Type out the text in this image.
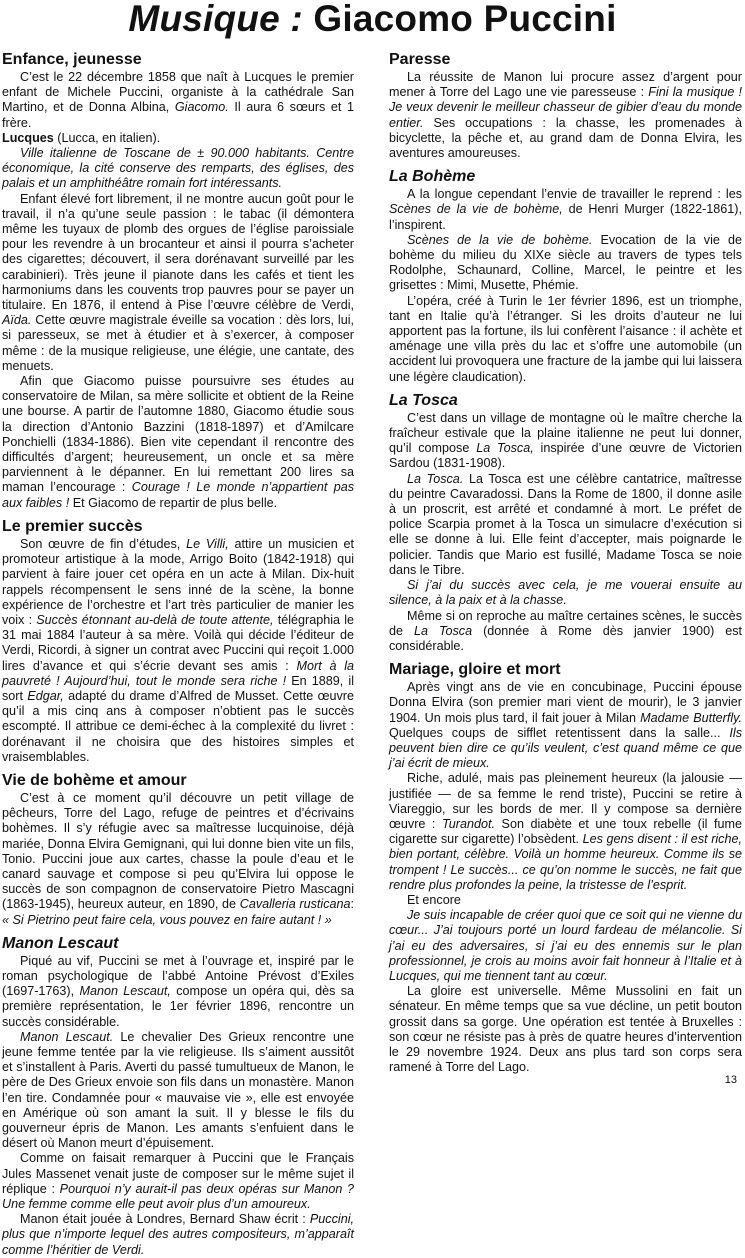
Musique : Giacomo Puccini
Enfance, jeunesse

C’est le 22 décembre 1858 que naît à Lucques le premier enfant de Michele Puccini, organiste à la cathédrale San Martino, et de Donna Albina, Giacomo. Il aura 6 sœurs et 1 frère.

Lucques (Lucca, en italien).

Ville italienne de Toscane de ± 90.000 habitants. Centre économique, la cité conserve des remparts, des églises, des palais et un amphithéâtre romain fort intéressants.

Enfant élevé fort librement, il ne montre aucun goût pour le travail, il n’a qu’une seule passion : le tabac (il démontera même les tuyaux de plomb des orgues de l’église paroissiale pour les revendre à un brocanteur et ainsi il pourra s’acheter des cigarettes; découvert, il sera dorénavant surveillé par les carabinieri). Très jeune il pianote dans les cafés et tient les harmoniums dans les couvents trop pauvres pour se payer un titulaire. En 1876, il entend à Pise l’œuvre célèbre de Verdi, Aïda. Cette œuvre magistrale éveille sa vocation : dès lors, lui, si paresseux, se met à étudier et à s’exercer, à composer même : de la musique religieuse, une élégie, une cantate, des menuets.

Afin que Giacomo puisse poursuivre ses études au conservatoire de Milan, sa mère sollicite et obtient de la Reine une bourse. A partir de l’automne 1880, Giacomo étudie sous la direction d’Antonio Bazzini (1818-1897) et d’Amilcare Ponchielli (1834-1886). Bien vite cependant il rencontre des difficultés d’argent; heureusement, un oncle et sa mère parviennent à le dépanner. En lui remettant 200 lires sa maman l’encourage : Courage ! Le monde n’appartient pas aux faibles ! Et Giacomo de repartir de plus belle.

Le premier succès

Son œuvre de fin d’études, Le Villi, attire un musicien et promoteur artistique à la mode, Arrigo Boito (1842-1918) qui parvient à faire jouer cet opéra en un acte à Milan. Dix-huit rappels récompensent le sens inné de la scène, la bonne expérience de l’orchestre et l’art très particulier de manier les voix : Succès étonnant au-delà de toute attente, télégraphia le 31 mai 1884 l’auteur à sa mère. Voilà qui décide l’éditeur de Verdi, Ricordi, à signer un contrat avec Puccini qui reçoit 1.000 lires d’avance et qui s’écrie devant ses amis : Mort à la pauvreté ! Aujourd’hui, tout le monde sera riche ! En 1889, il sort Edgar, adapté du drame d’Alfred de Musset. Cette œuvre qu’il a mis cinq ans à composer n’obtient pas le succès escompté. Il attribue ce demi-échec à la complexité du livret : dorénavant il ne choisira que des histoires simples et vraisemblables.

Vie de bohème et amour

C’est à ce moment qu’il découvre un petit village de pêcheurs, Torre del Lago, refuge de peintres et d’écrivains bohèmes. Il s’y réfugie avec sa maîtresse lucquinoise, déjà mariée, Donna Elvira Gemignani, qui lui donne bien vite un fils, Tonio. Puccini joue aux cartes, chasse la poule d’eau et le canard sauvage et compose si peu qu’Elvira lui oppose le succès de son compagnon de conservatoire Pietro Mascagni (1863-1945), heureux auteur, en 1890, de Cavalleria rusticana: « Si Pietrino peut faire cela, vous pouvez en faire autant ! »

Manon Lescaut

Piqué au vif, Puccini se met à l’ouvrage et, inspiré par le roman psychologique de l’abbé Antoine Prévost d’Exiles (1697-1763), Manon Lescaut, compose un opéra qui, dès sa première représentation, le 1er février 1896, rencontre un succès considérable.

Manon Lescaut. Le chevalier Des Grieux rencontre une jeune femme tentée par la vie religieuse. Ils s’aiment aussitôt et s’installent à Paris. Averti du passé tumultueux de Manon, le père de Des Grieux envoie son fils dans un monastère. Manon l’en tire. Condamnée pour « mauvaise vie », elle est envoyée en Amérique où son amant la suit. Il y blesse le fils du gouverneur épris de Manon. Les amants s’enfuient dans le désert où Manon meurt d’épuisement.

Comme on faisait remarquer à Puccini que le Français Jules Massenet venait juste de composer sur le même sujet il réplique : Pourquoi n’y aurait-il pas deux opéras sur Manon ? Une femme comme elle peut avoir plus d’un amoureux.

Manon était jouée à Londres, Bernard Shaw écrit : Puccini, plus que n’importe lequel des autres compositeurs, m’apparaît comme l’héritier de Verdi.

Paresse

La réussite de Manon lui procure assez d’argent pour mener à Torre del Lago une vie paresseuse : Fini la musique ! Je veux devenir le meilleur chasseur de gibier d’eau du monde entier. Ses occupations : la chasse, les promenades à bicyclette, la pêche et, au grand dam de Donna Elvira, les aventures amoureuses.

La Bohème

A la longue cependant l’envie de travailler le reprend : les Scènes de la vie de bohème, de Henri Murger (1822-1861), l’inspirent.

Scènes de la vie de bohème. Evocation de la vie de bohème du milieu du XIXe siècle au travers de types tels Rodolphe, Schaunard, Colline, Marcel, le peintre et les grisettes : Mimi, Musette, Phémie.

L’opéra, créé à Turin le 1er février 1896, est un triomphe, tant en Italie qu’à l’étranger. Si les droits d’auteur ne lui apportent pas la fortune, ils lui confèrent l’aisance : il achète et aménage une villa près du lac et s’offre une automobile (un accident lui provoquera une fracture de la jambe qui lui laissera une légère claudication).

La Tosca

C’est dans un village de montagne où le maître cherche la fraîcheur estivale que la plaine italienne ne peut lui donner, qu’il compose La Tosca, inspirée d’une œuvre de Victorien Sardou (1831-1908).

La Tosca. La Tosca est une célèbre cantatrice, maîtresse du peintre Cavaradossi. Dans la Rome de 1800, il donne asile à un proscrit, est arrêté et condamné à mort. Le préfet de police Scarpia promet à la Tosca un simulacre d’exécution si elle se donne à lui. Elle feint d’accepter, mais poignarde le policier. Tandis que Mario est fusillé, Madame Tosca se noie dans le Tibre.

Si j’ai du succès avec cela, je me vouerai ensuite au silence, à la paix et à la chasse.

Même si on reproche au maître certaines scènes, le succès de La Tosca (donnée à Rome dès janvier 1900) est considérable.

Mariage, gloire et mort

Après vingt ans de vie en concubinage, Puccini épouse Donna Elvira (son premier mari vient de mourir), le 3 janvier 1904. Un mois plus tard, il fait jouer à Milan Madame Butterfly. Quelques coups de sifflet retentissent dans la salle... Ils peuvent bien dire ce qu’ils veulent, c’est quand même ce que j’ai écrit de mieux.

Riche, adulé, mais pas pleinement heureux (la jalousie — justifiée — de sa femme le rend triste), Puccini se retire à Viareggio, sur les bords de mer. Il y compose sa dernière œuvre : Turandot. Son diabète et une toux rebelle (il fume cigarette sur cigarette) l’obsèdent. Les gens disent : il est riche, bien portant, célèbre. Voilà un homme heureux. Comme ils se trompent ! Le succès... ce qu’on nomme le succès, ne fait que rendre plus profondes la peine, la tristesse de l’esprit.

Et encore

Je suis incapable de créer quoi que ce soit qui ne vienne du cœur... J’ai toujours porté un lourd fardeau de mélancolie. Si j’ai eu des adversaires, si j’ai eu des ennemis sur le plan professionnel, je crois au moins avoir fait honneur à l’Italie et à Lucques, qui me tiennent tant au cœur.

La gloire est universelle. Même Mussolini en fait un sénateur. En même temps que sa vue décline, un petit bouton grossit dans sa gorge. Une opération est tentée à Bruxelles : son cœur ne résiste pas à près de quatre heures d’intervention le 29 novembre 1924. Deux ans plus tard son corps sera ramené à Torre del Lago.

13
